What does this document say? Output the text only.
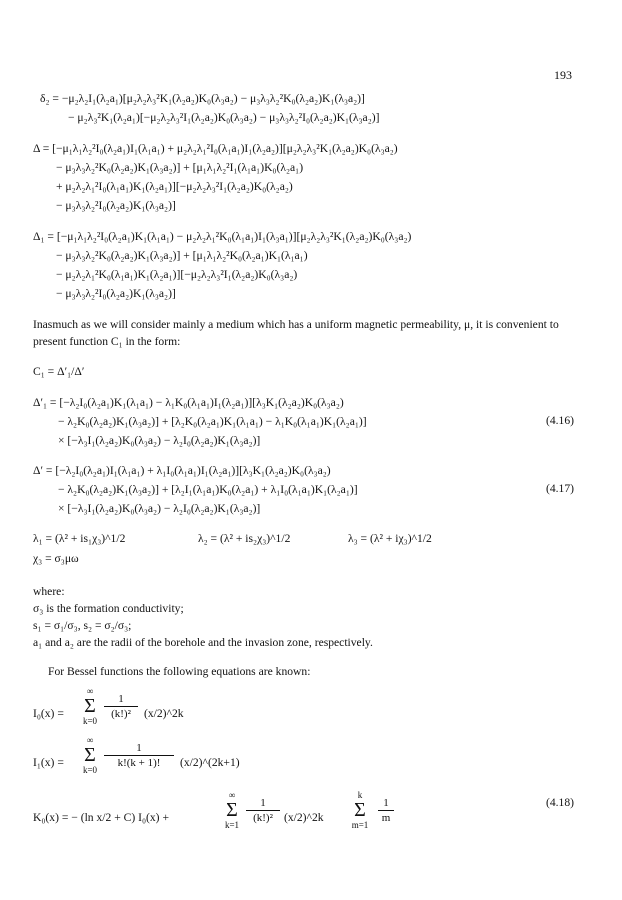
193
δ₂ = −μ₂λ₂I₁(λ₂a₁)[μ₂λ₂λ₃²K₁(λ₂a₂)K₀(λ₃a₂) − μ₃λ₃λ₂²K₀(λ₂a₂)K₁(λ₃a₂)]
− μ₂λ₃²K₁(λ₂a₁)[−μ₂λ₂λ₃²I₁(λ₂a₂)K₀(λ₃a₂) − μ₃λ₃λ₂²I₀(λ₂a₂)K₁(λ₃a₂)]
Δ = [−μ₁λ₁λ₂²I₀(λ₂a₁)I₁(λ₁a₁) + μ₂λ₂λ₁²I₀(λ₁a₁)I₁(λ₂a₂)][μ₂λ₂λ₃²K₁(λ₂a₂)K₀(λ₃a₂)
− μ₃λ₃λ₂²K₀(λ₂a₂)K₁(λ₃a₂)] + [μ₁λ₁λ₂²I₁(λ₁a₁)K₀(λ₂a₁)
+ μ₂λ₂λ₁²I₀(λ₁a₁)K₁(λ₂a₁)][−μ₂λ₂λ₃²I₁(λ₂a₂)K₀(λ₂a₂)
− μ₃λ₃λ₂²I₀(λ₂a₂)K₁(λ₃a₂)]
Δ₁ = [−μ₁λ₁λ₂²I₀(λ₂a₁)K₁(λ₁a₁) − μ₂λ₂λ₁²K₀(λ₁a₁)I₁(λ₃a₁)][μ₂λ₂λ₃²K₁(λ₂a₂)K₀(λ₃a₂)
− μ₃λ₃λ₂²K₀(λ₂a₂)K₁(λ₃a₂)] + [μ₁λ₁λ₂²K₀(λ₂a₁)K₁(λ₁a₁)
− μ₂λ₂λ₁²K₀(λ₁a₁)K₁(λ₂a₁)][−μ₂λ₂λ₃²I₁(λ₂a₂)K₀(λ₃a₂)
− μ₃λ₃λ₂²I₀(λ₂a₂)K₁(λ₃a₂)]
Inasmuch as we will consider mainly a medium which has a uniform magnetic permeability, μ, it is convenient to present function C₁ in the form:
C₁ = Δ′₁/Δ′
Δ′₁ = [−λ₂I₀(λ₂a₁)K₁(λ₁a₁) − λ₁K₀(λ₁a₁)I₁(λ₂a₁)][λ₃K₁(λ₂a₂)K₀(λ₃a₂)
− λ₂K₀(λ₂a₂)K₁(λ₃a₂)] + [λ₂K₀(λ₂a₁)K₁(λ₁a₁) − λ₁K₀(λ₁a₁)K₁(λ₂a₁)]	(4.16)
× [−λ₃I₁(λ₂a₂)K₀(λ₃a₂) − λ₂I₀(λ₂a₂)K₁(λ₃a₂)]
Δ′ = [−λ₂I₀(λ₂a₁)I₁(λ₁a₁) + λ₁I₀(λ₁a₁)I₁(λ₂a₁)][λ₃K₁(λ₂a₂)K₀(λ₃a₂)
− λ₂K₀(λ₂a₂)K₁(λ₃a₂)] + [λ₂I₁(λ₁a₁)K₀(λ₂a₁) + λ₁I₀(λ₁a₁)K₁(λ₂a₁)]	(4.17)
× [−λ₃I₁(λ₂a₂)K₀(λ₃a₂) − λ₂I₀(λ₂a₂)K₁(λ₃a₂)]
λ₁ = (λ² + is₁χ₃)^1/2	λ₂ = (λ² + is₂χ₃)^1/2	λ₃ = (λ² + iχ₃)^1/2
χ₃ = σ₃μω
where:
σ₃ is the formation conductivity;
s₁ = σ₁/σ₃, s₂ = σ₂/σ₃;
a₁ and a₂ are the radii of the borehole and the invasion zone, respectively.
For Bessel functions the following equations are known:
I₀(x) =
∞
Σ
$k=0 \frac{1}{\text{(k!)²}}$ (x/2)^2k
I₁(x) =
∞
Σ
$k=0 \frac{1}{k!(k + 1)!}$ (x/2)^(2k+1)
K₀(x) = − (ln x/2 + C) I₀(x) +
∞
Σ
$k=1 \frac{1}{\text{(k!)²}}$ (x/2)^2k
k
Σ
$m=1 \frac{1}{m}$	(4.18)
